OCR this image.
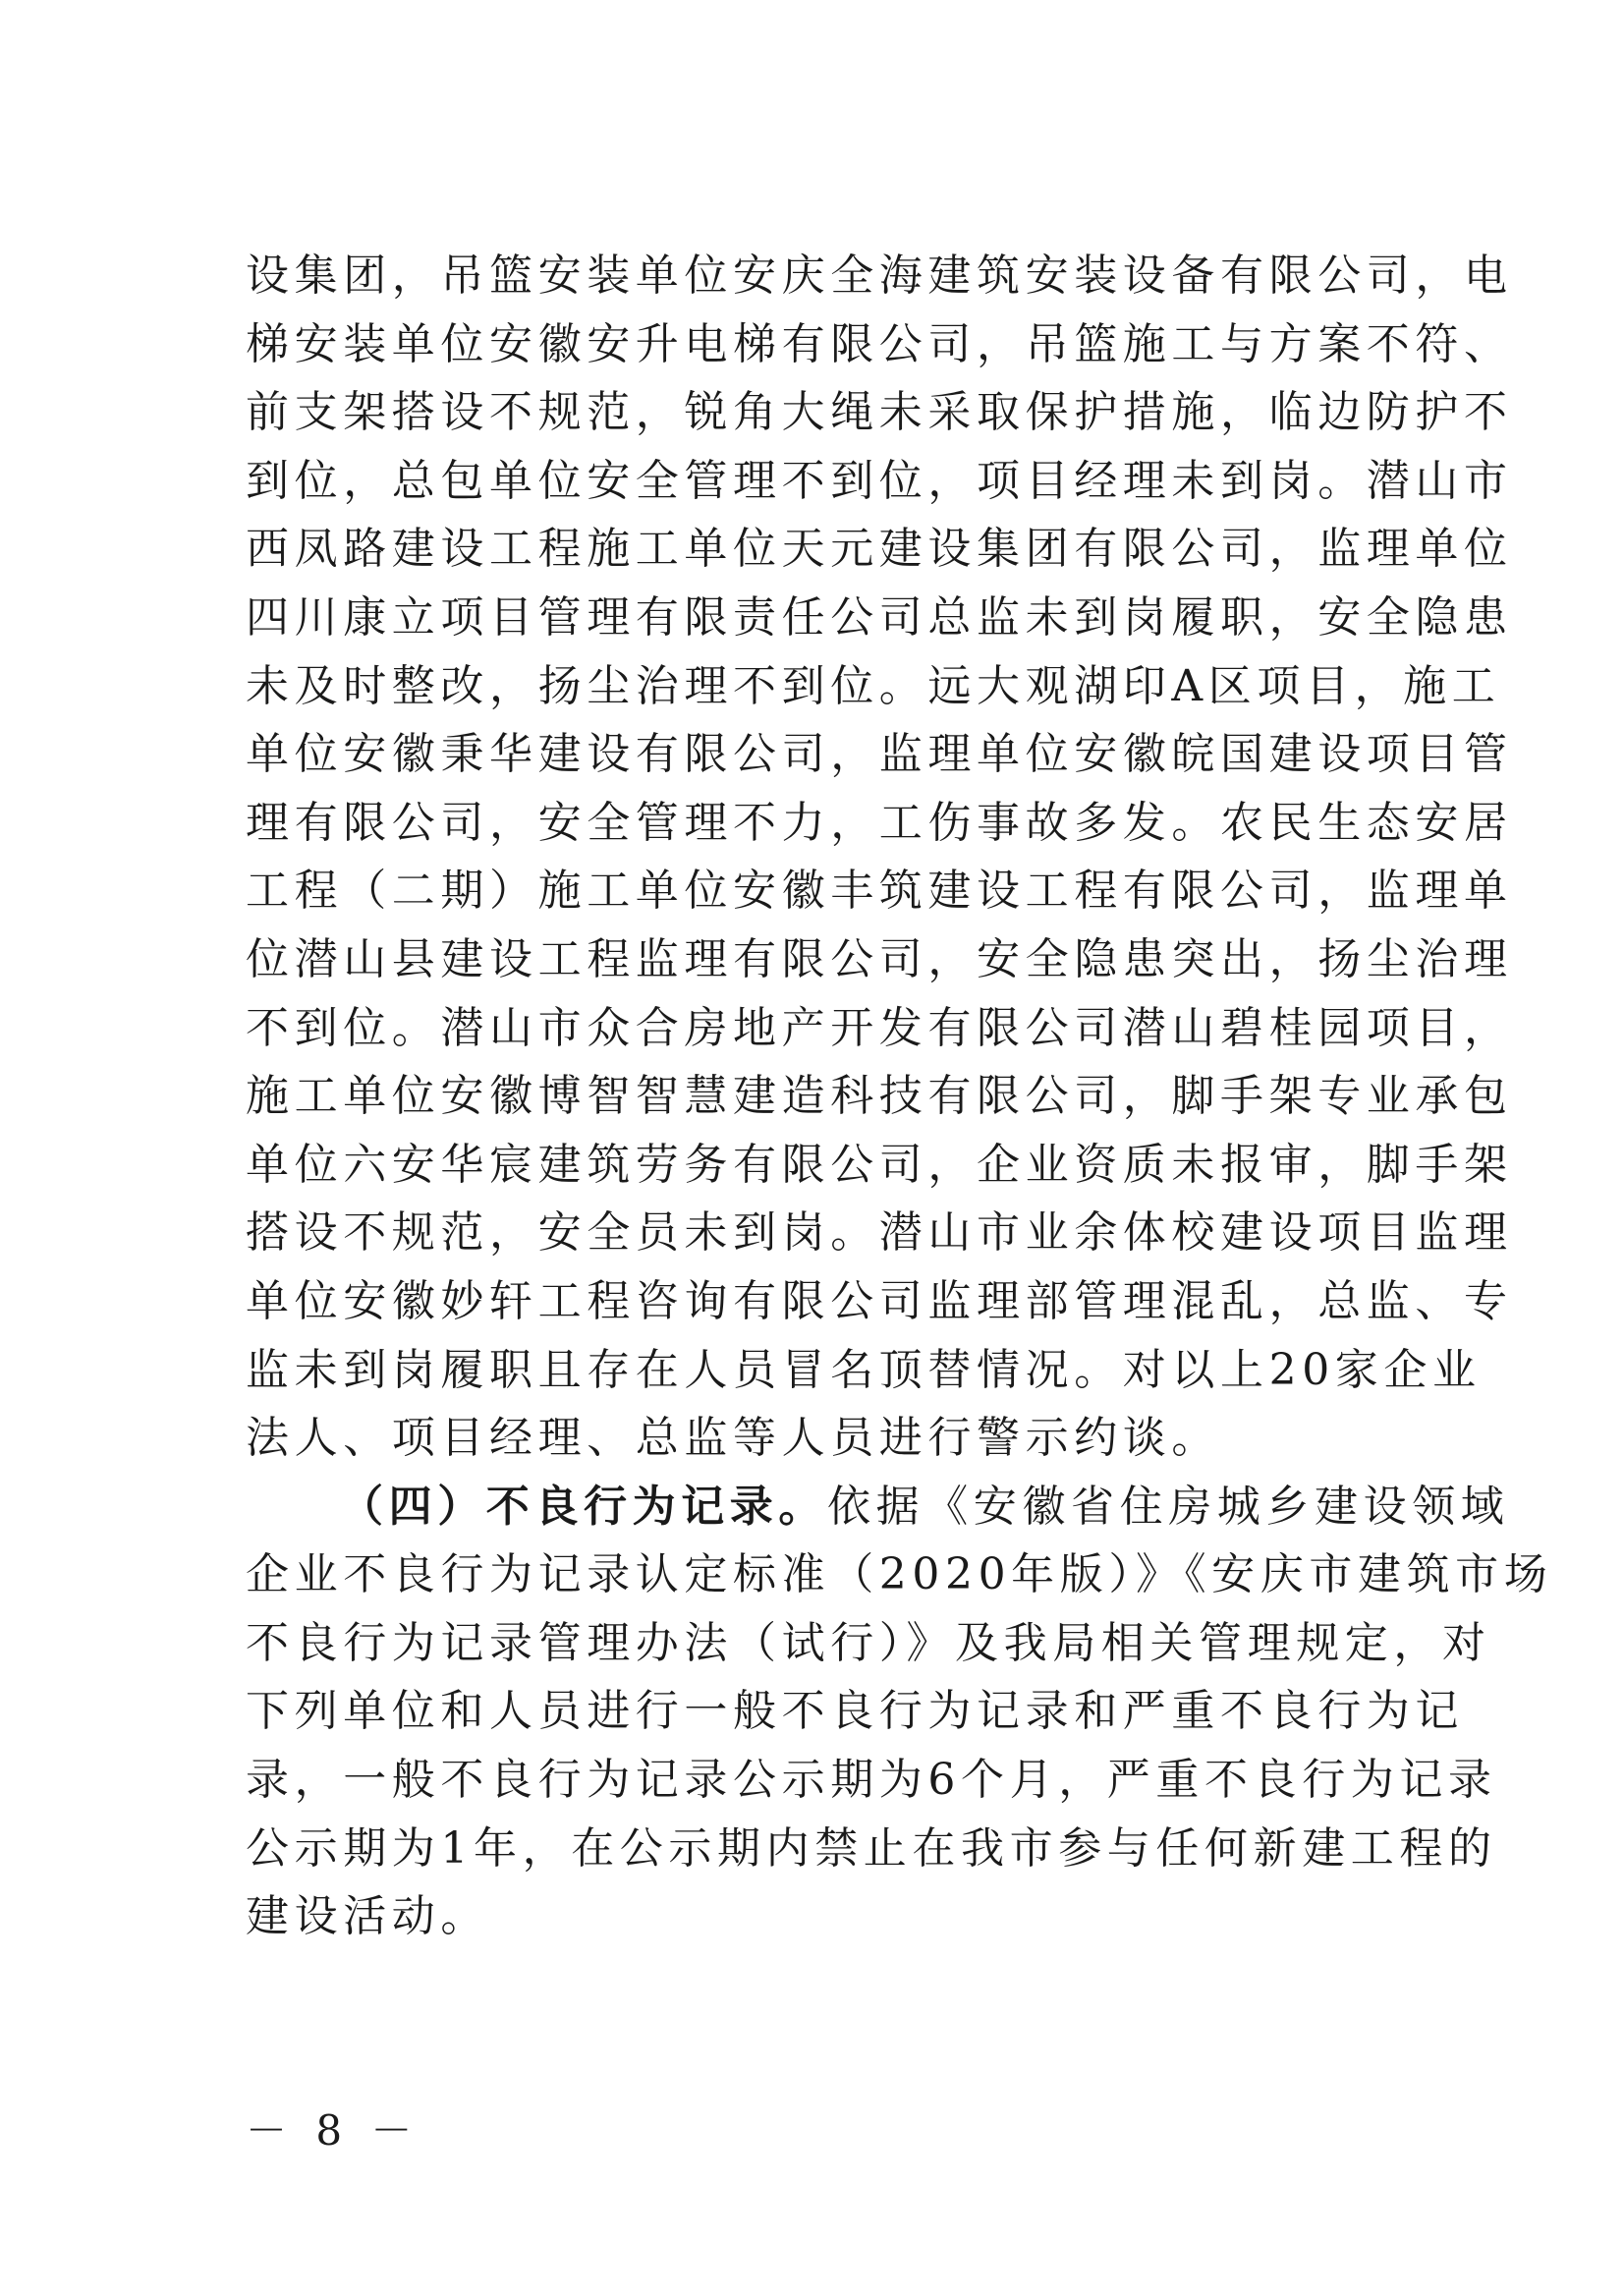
设集团，吊篮安装单位安庆全海建筑安装设备有限公司，电
梯安装单位安徽安升电梯有限公司，吊篮施工与方案不符、
前支架搭设不规范，锐角大绳未采取保护措施，临边防护不
到位，总包单位安全管理不到位，项目经理未到岗。潜山市
西凤路建设工程施工单位天元建设集团有限公司，监理单位
四川康立项目管理有限责任公司总监未到岗履职，安全隐患
未及时整改，扬尘治理不到位。远大观湖印A区项目，施工
单位安徽秉华建设有限公司，监理单位安徽皖国建设项目管
理有限公司，安全管理不力，工伤事故多发。农民生态安居
工程（二期）施工单位安徽丰筑建设工程有限公司，监理单
位潜山县建设工程监理有限公司，安全隐患突出，扬尘治理
不到位。潜山市众合房地产开发有限公司潜山碧桂园项目，
施工单位安徽博智智慧建造科技有限公司，脚手架专业承包
单位六安华宸建筑劳务有限公司，企业资质未报审，脚手架
搭设不规范，安全员未到岗。潜山市业余体校建设项目监理
单位安徽妙轩工程咨询有限公司监理部管理混乱，总监、专
监未到岗履职且存在人员冒名顶替情况。对以上20家企业
法人、项目经理、总监等人员进行警示约谈。
（四）不良行为记录。依据《安徽省住房城乡建设领域
企业不良行为记录认定标准（2020年版）》《安庆市建筑市场
不良行为记录管理办法（试行）》及我局相关管理规定，对
下列单位和人员进行一般不良行为记录和严重不良行为记
录，一般不良行为记录公示期为6个月，严重不良行为记录
公示期为1年，在公示期内禁止在我市参与任何新建工程的
建设活动。
－ 8 －
